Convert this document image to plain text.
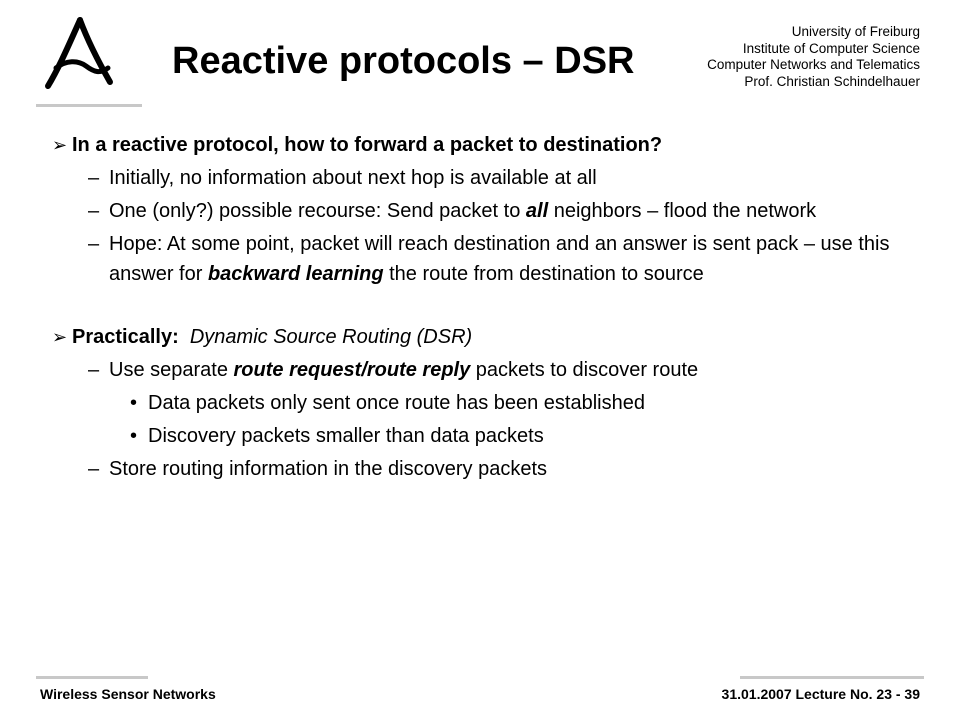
Reactive protocols – DSR
University of Freiburg
Institute of Computer Science
Computer Networks and Telematics
Prof. Christian Schindelhauer
➢ In a reactive protocol, how to forward a packet to destination?
– Initially, no information about next hop is available at all
– One (only?) possible recourse: Send packet to all neighbors – flood the network
– Hope: At some point, packet will reach destination and an answer is sent pack – use this answer for backward learning the route from destination to source
➢ Practically: Dynamic Source Routing (DSR)
– Use separate route request/route reply packets to discover route
• Data packets only sent once route has been established
• Discovery packets smaller than data packets
– Store routing information in the discovery packets
Wireless Sensor Networks	31.01.2007 Lecture No. 23 - 39
